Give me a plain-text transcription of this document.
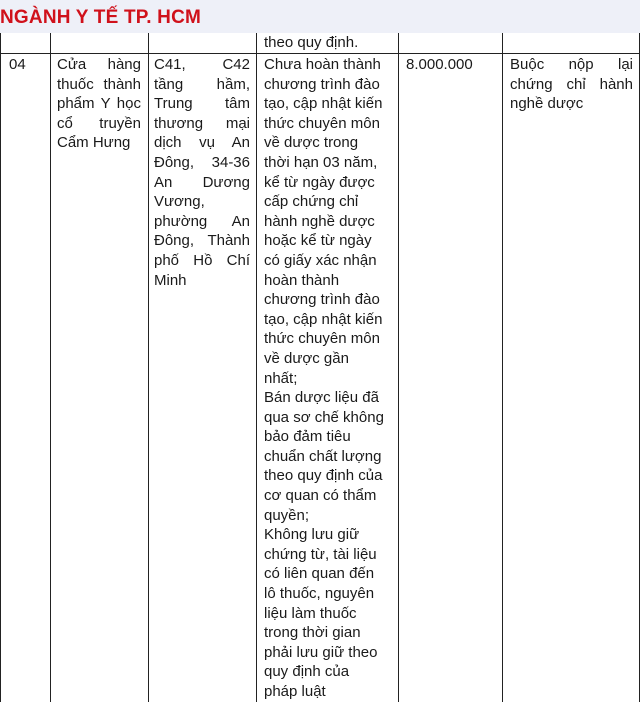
NGÀNH Y TẾ TP. HCM
theo quy định.
04	Cửa hàng thuốc thành phẩm Y học cổ truyền Cẩm Hưng
C41, C42 tầng hầm, Trung tâm thương mại dịch vụ An Đông, 34-36 An Dương Vương, phường An Đông, Thành phố Hồ Chí Minh
Chưa hoàn thành
chương trình đào
tạo, cập nhật kiến
thức chuyên môn
về dược trong
thời hạn 03 năm,
kể từ ngày được
cấp chứng chỉ
hành nghề dược
hoặc kể từ ngày
có giấy xác nhận
hoàn thành
chương trình đào
tạo, cập nhật kiến
thức chuyên môn
về dược gần
nhất;
Bán dược liệu đã
qua sơ chế không
bảo đảm tiêu
chuẩn chất lượng
theo quy định của
cơ quan có thẩm
quyền;
Không lưu giữ
chứng từ, tài liệu
có liên quan đến
lô thuốc, nguyên
liệu làm thuốc
trong thời gian
phải lưu giữ theo
quy định của
pháp luật
8.000.000	Buộc nộp lại chứng chỉ hành nghề dược
